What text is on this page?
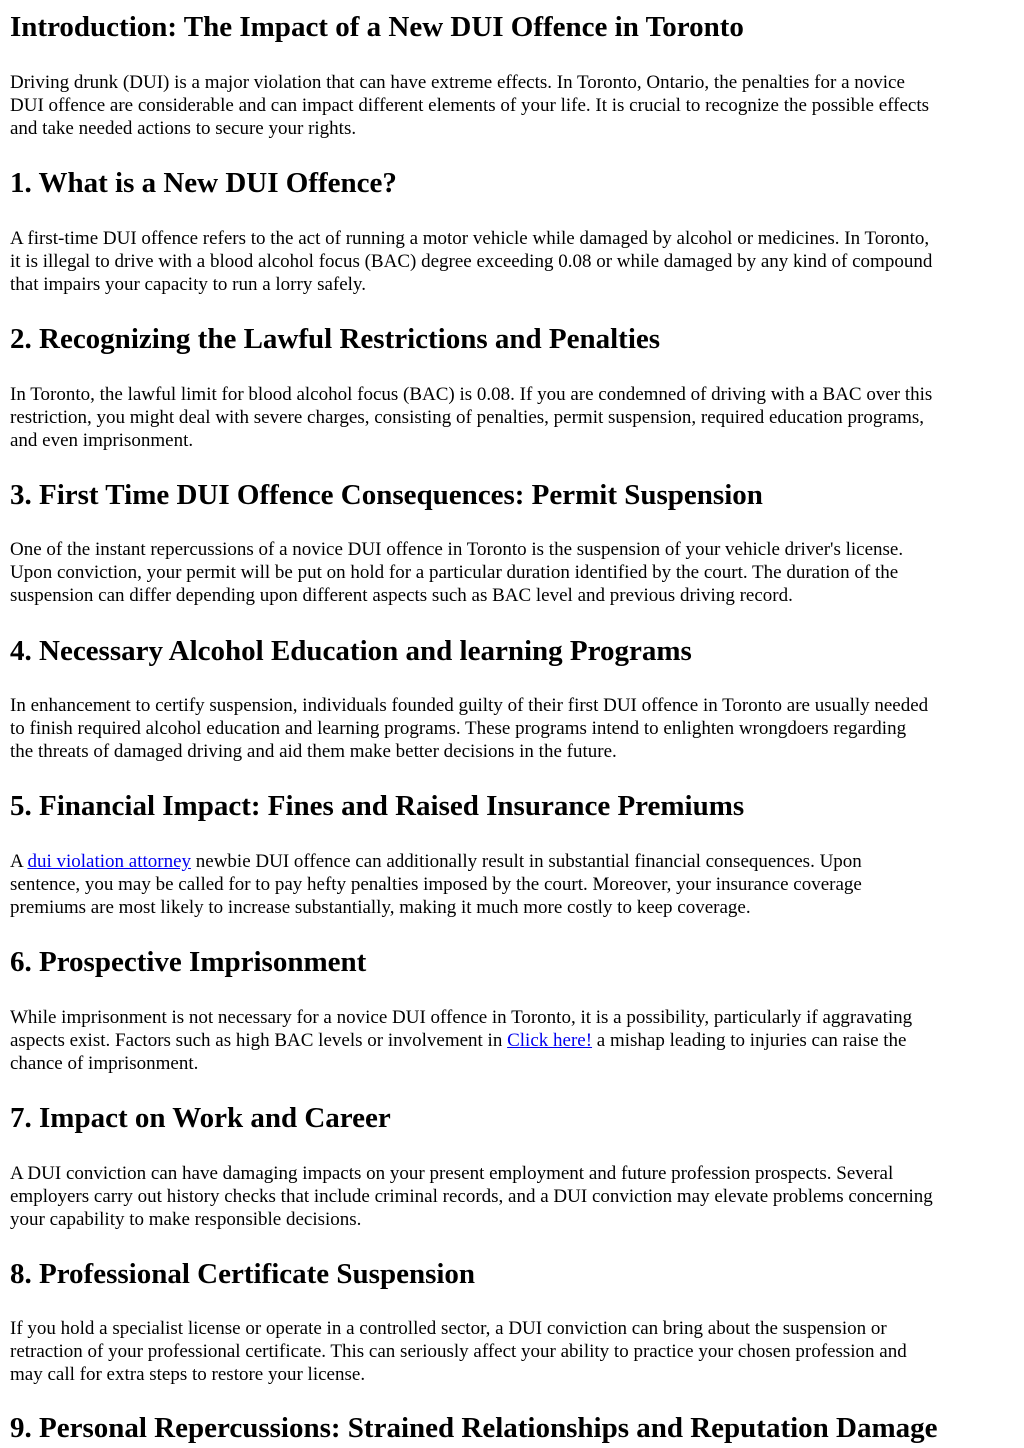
Introduction: The Impact of a New DUI Offence in Toronto

Driving drunk (DUI) is a major violation that can have extreme effects. In Toronto, Ontario, the penalties for a novice
DUI offence are considerable and can impact different elements of your life. It is crucial to recognize the possible effects
and take needed actions to secure your rights.

1. What is a New DUI Offence?

A first-time DUI offence refers to the act of running a motor vehicle while damaged by alcohol or medicines. In Toronto,
it is illegal to drive with a blood alcohol focus (BAC) degree exceeding 0.08 or while damaged by any kind of compound
that impairs your capacity to run a lorry safely.

2. Recognizing the Lawful Restrictions and Penalties

In Toronto, the lawful limit for blood alcohol focus (BAC) is 0.08. If you are condemned of driving with a BAC over this
restriction, you might deal with severe charges, consisting of penalties, permit suspension, required education programs,
and even imprisonment.

3. First Time DUI Offence Consequences: Permit Suspension

One of the instant repercussions of a novice DUI offence in Toronto is the suspension of your vehicle driver's license.
Upon conviction, your permit will be put on hold for a particular duration identified by the court. The duration of the
suspension can differ depending upon different aspects such as BAC level and previous driving record.

4. Necessary Alcohol Education and learning Programs

In enhancement to certify suspension, individuals founded guilty of their first DUI offence in Toronto are usually needed
to finish required alcohol education and learning programs. These programs intend to enlighten wrongdoers regarding
the threats of damaged driving and aid them make better decisions in the future.

5. Financial Impact: Fines and Raised Insurance Premiums

A dui violation attorney newbie DUI offence can additionally result in substantial financial consequences. Upon
sentence, you may be called for to pay hefty penalties imposed by the court. Moreover, your insurance coverage
premiums are most likely to increase substantially, making it much more costly to keep coverage.

6. Prospective Imprisonment

While imprisonment is not necessary for a novice DUI offence in Toronto, it is a possibility, particularly if aggravating
aspects exist. Factors such as high BAC levels or involvement in Click here! a mishap leading to injuries can raise the
chance of imprisonment.

7. Impact on Work and Career

A DUI conviction can have damaging impacts on your present employment and future profession prospects. Several
employers carry out history checks that include criminal records, and a DUI conviction may elevate problems concerning
your capability to make responsible decisions.

8. Professional Certificate Suspension

If you hold a specialist license or operate in a controlled sector, a DUI conviction can bring about the suspension or
retraction of your professional certificate. This can seriously affect your ability to practice your chosen profession and
may call for extra steps to restore your license.

9. Personal Repercussions: Strained Relationships and Reputation Damage
